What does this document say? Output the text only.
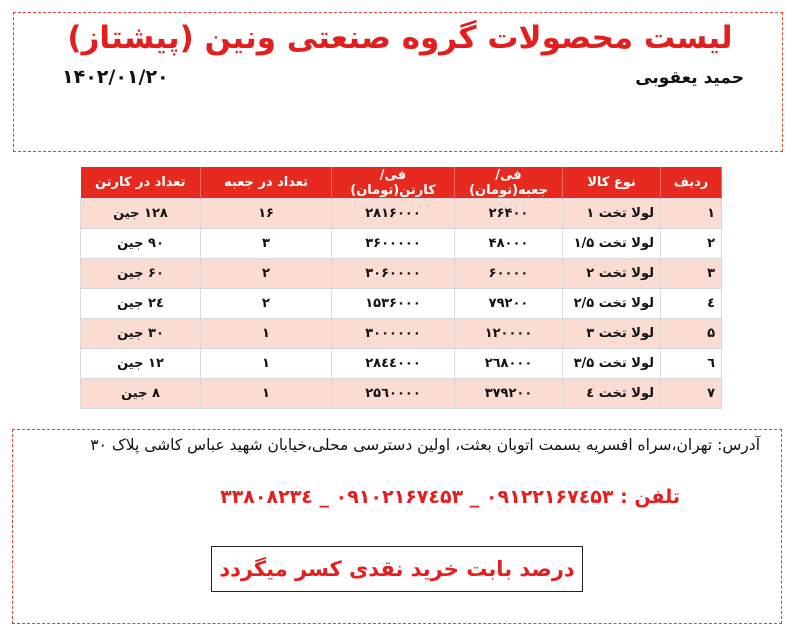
لیست محصولات گروه صنعتی ونین (پیشتاز)
حمید یعقوبی
۱۴۰۲/۰۱/۲۰
ردیف	نوع کالا	فی/جعبه(تومان)	فی/کارتن(تومان)	تعداد در جعبه	تعداد در کارتن
۱	لولا تخت ۱	۲۶۴۰۰	۲۸۱۶۰۰۰	۱۶	۱۲۸ جین
۲	لولا تخت ۱/۵	۴۸۰۰۰	۳۶۰۰۰۰۰	۳	۹۰ جین
۳	لولا تخت ۲	۶۰۰۰۰	۳۰۶۰۰۰۰	۲	۶۰ جین
٤	لولا تخت ۲/۵	۷۹۲۰۰	۱۵۳۶۰۰۰	۲	۲٤ جین
۵	لولا تخت ۳	۱۲۰۰۰۰	۳۰۰۰۰۰۰	۱	۳۰ جین
٦	لولا تخت ۳/۵	۲٦۸۰۰۰	۲۸٤٤۰۰۰	۱	۱۲ جین
۷	لولا تخت ٤	۳۷۹۲۰۰	۲۵٦۰۰۰۰	۱	۸ جین
آدرس: تهران،سراه افسریه بسمت اتوبان بعثت، اولین دسترسی محلی،خیابان شهید عباس کاشی پلاک ۳۰
تلفن : ۰۹۱۲۲۱۶۷٤۵۳ _ ۰۹۱۰۲۱۶۷٤۵۳ _ ۳۳۸۰۸۲۳٤
درصد بابت خرید نقدی کسر میگردد
